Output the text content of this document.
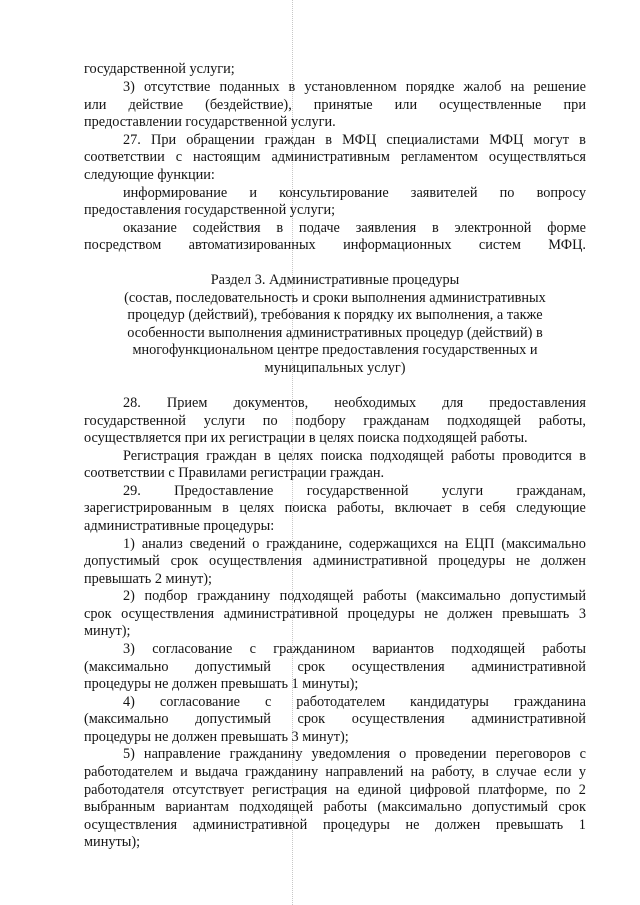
государственной услуги;
3) отсутствие поданных в установленном порядке жалоб на решение
или действие (бездействие), принятые или осуществленные при
предоставлении государственной услуги.
27. При обращении граждан в МФЦ специалистами МФЦ могут в
соответствии с настоящим административным регламентом осуществляться
следующие функции:
информирование и консультирование заявителей по вопросу
предоставления государственной услуги;
оказание содействия в подаче заявления в электронной форме
посредством автоматизированных информационных систем МФЦ.
Раздел 3. Административные процедуры
(состав, последовательность и сроки выполнения административных
процедур (действий), требования к порядку их выполнения, а также
особенности выполнения административных процедур (действий) в
многофункциональном центре предоставления государственных и
муниципальных услуг)
28. Прием документов, необходимых для предоставления
государственной услуги по подбору гражданам подходящей работы,
осуществляется при их регистрации в целях поиска подходящей работы.
Регистрация граждан в целях поиска подходящей работы проводится в
соответствии с Правилами регистрации граждан.
29. Предоставление государственной услуги гражданам,
зарегистрированным в целях поиска работы, включает в себя следующие
административные процедуры:
1) анализ сведений о гражданине, содержащихся на ЕЦП (максимально
допустимый срок осуществления административной процедуры не должен
превышать 2 минут);
2) подбор гражданину подходящей работы (максимально допустимый
срок осуществления административной процедуры не должен превышать 3
минут);
3) согласование с гражданином вариантов подходящей работы
(максимально допустимый срок осуществления административной
процедуры не должен превышать 1 минуты);
4) согласование с работодателем кандидатуры гражданина
(максимально допустимый срок осуществления административной
процедуры не должен превышать 3 минут);
5) направление гражданину уведомления о проведении переговоров с
работодателем и выдача гражданину направлений на работу, в случае если у
работодателя отсутствует регистрация на единой цифровой платформе, по 2
выбранным вариантам подходящей работы (максимально допустимый срок
осуществления административной процедуры не должен превышать 1
минуты);
